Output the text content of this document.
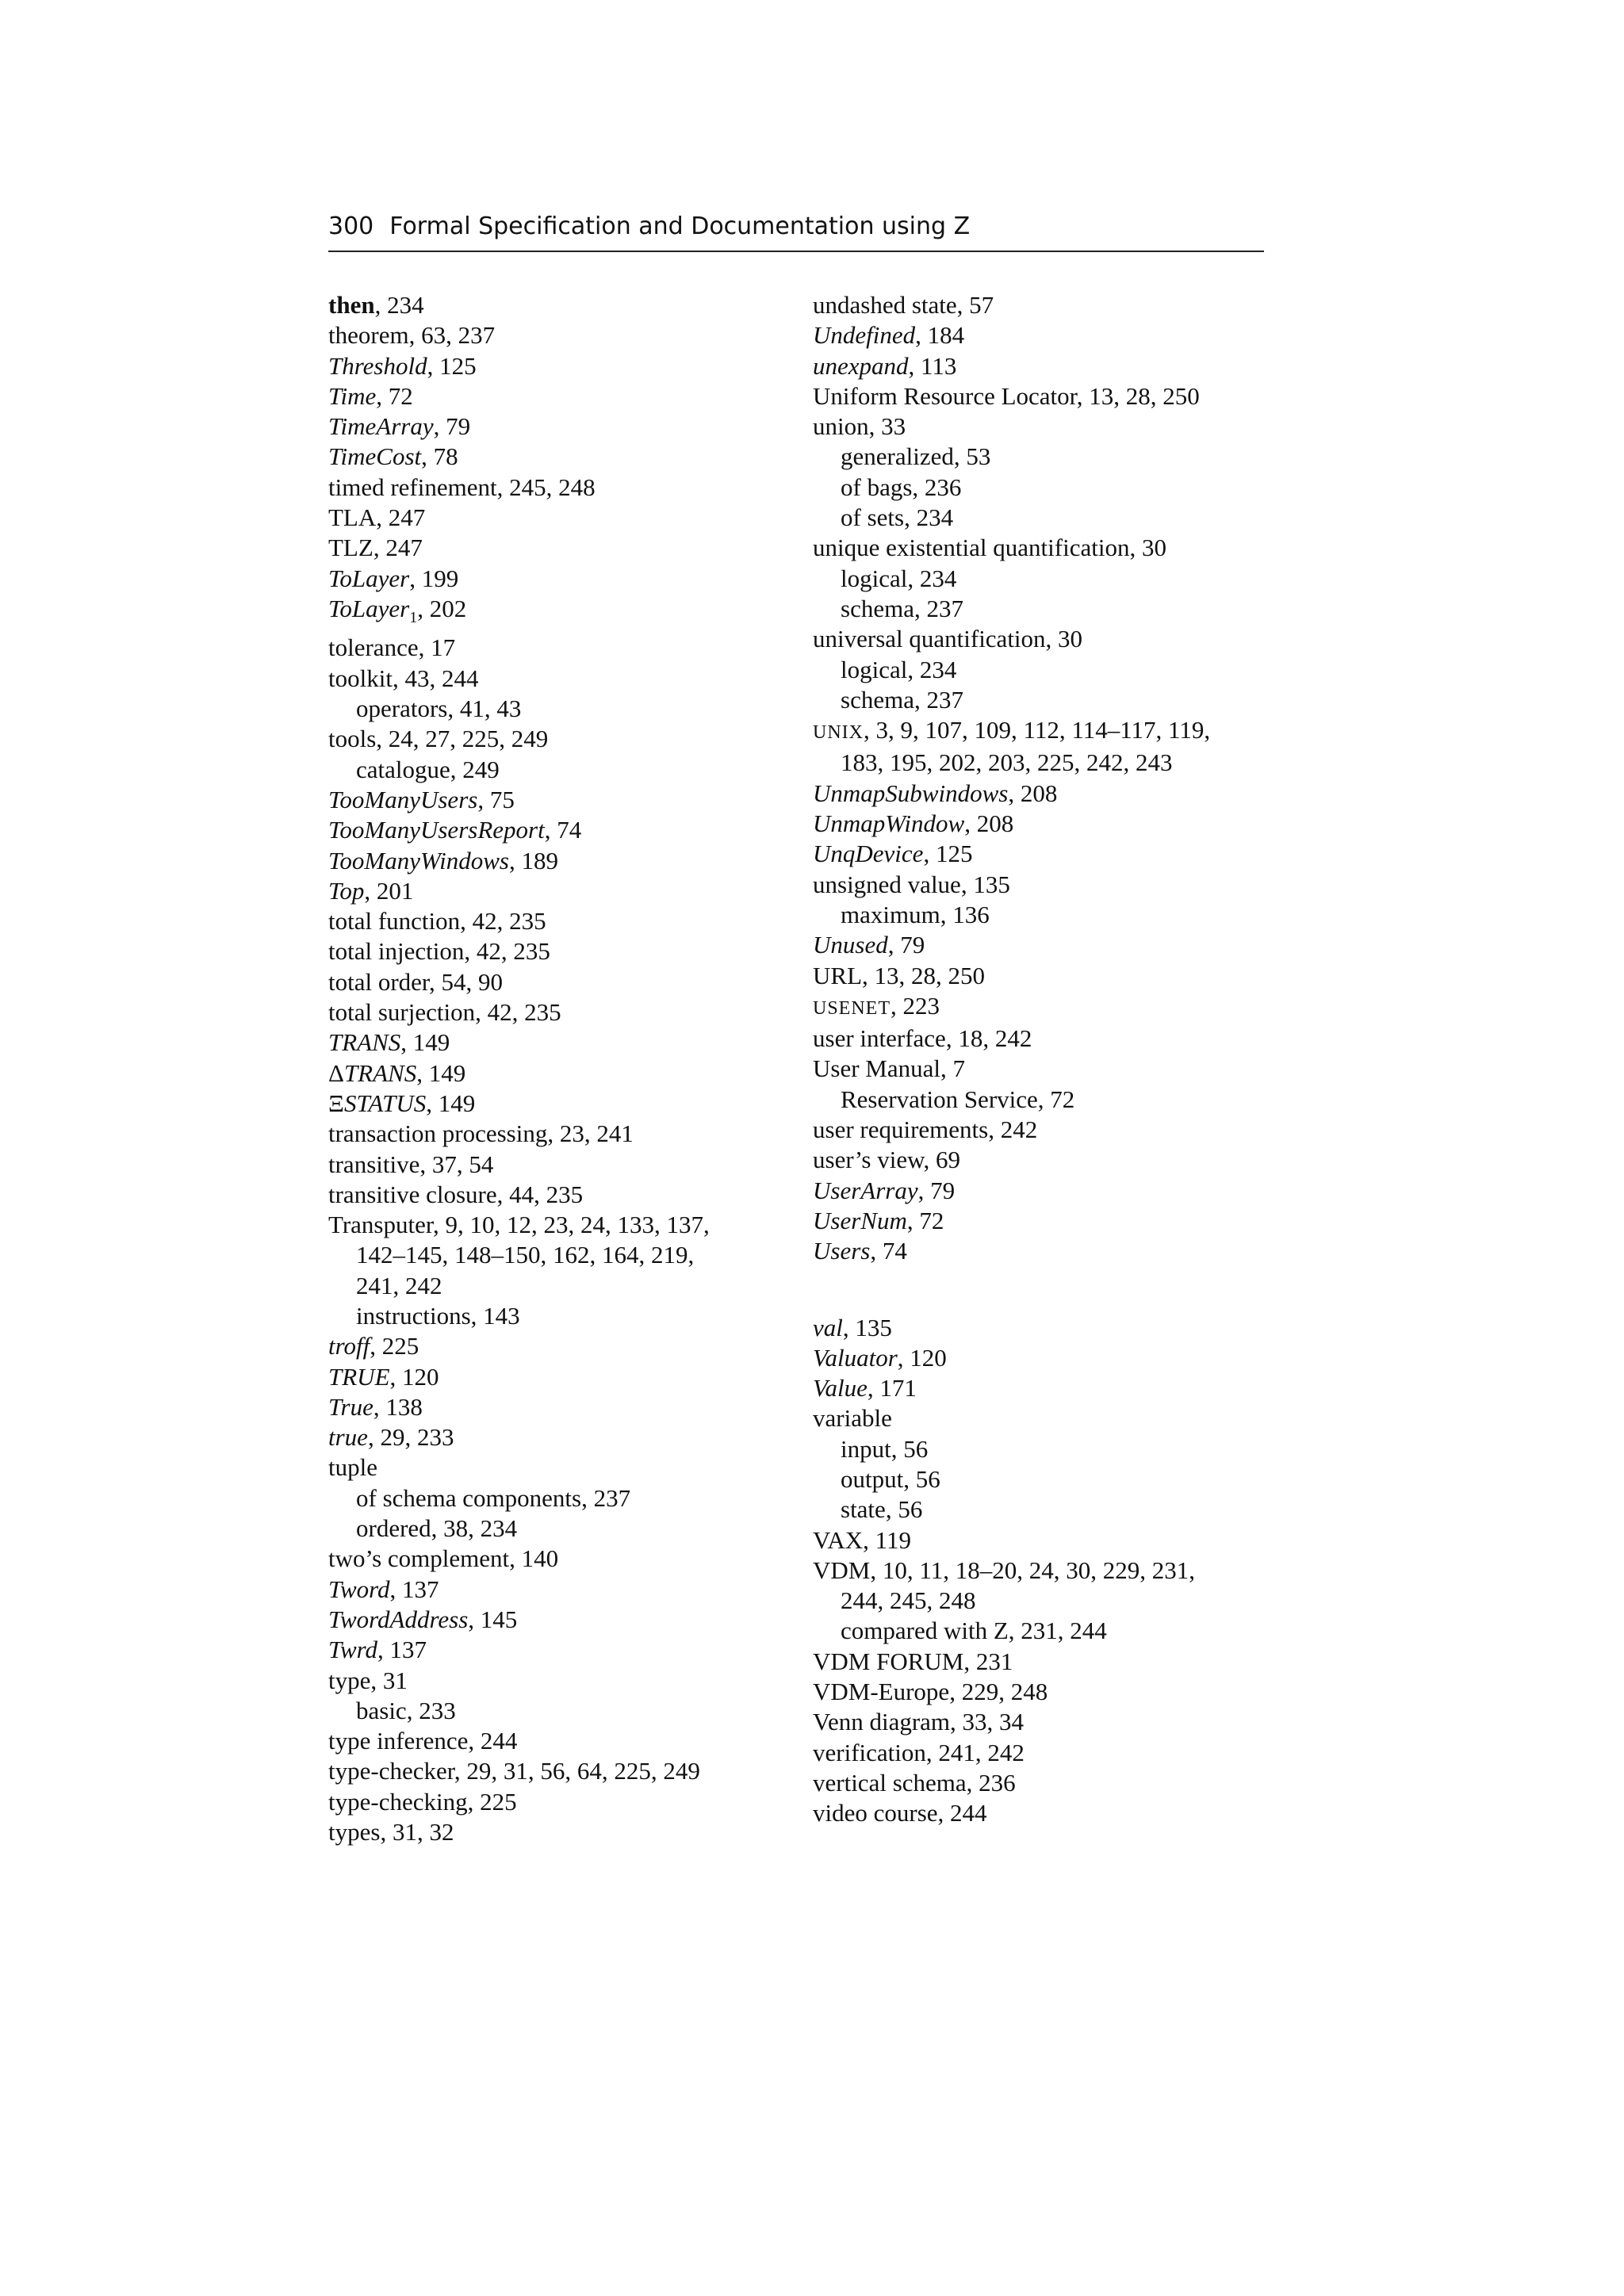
300 Formal Specification and Documentation using Z
then, 234
theorem, 63, 237
Threshold, 125
Time, 72
TimeArray, 79
TimeCost, 78
timed refinement, 245, 248
TLA, 247
TLZ, 247
ToLayer, 199
ToLayer$_1$, 202
tolerance, 17
toolkit, 43, 244
operators, 41, 43
tools, 24, 27, 225, 249
catalogue, 249
TooManyUsers, 75
TooManyUsersReport, 74
TooManyWindows, 189
Top, 201
total function, 42, 235
total injection, 42, 235
total order, 54, 90
total surjection, 42, 235
TRANS, 149
ΔTRANS, 149
ΞSTATUS, 149
transaction processing, 23, 241
transitive, 37, 54
transitive closure, 44, 235
Transputer, 9, 10, 12, 23, 24, 133, 137,
142–145, 148–150, 162, 164, 219,
241, 242
instructions, 143
troff, 225
TRUE, 120
True, 138
true, 29, 233
tuple
of schema components, 237
ordered, 38, 234
two’s complement, 140
Tword, 137
TwordAddress, 145
Twrd, 137
type, 31
basic, 233
type inference, 244
type-checker, 29, 31, 56, 64, 225, 249
type-checking, 225
types, 31, 32
undashed state, 57
Undefined, 184
unexpand, 113
Uniform Resource Locator, 13, 28, 250
union, 33
generalized, 53
of bags, 236
of sets, 234
unique existential quantification, 30
logical, 234
schema, 237
universal quantification, 30
logical, 234
schema, 237
UNIX, 3, 9, 107, 109, 112, 114–117, 119,
183, 195, 202, 203, 225, 242, 243
UnmapSubwindows, 208
UnmapWindow, 208
UnqDevice, 125
unsigned value, 135
maximum, 136
Unused, 79
URL, 13, 28, 250
USENET, 223
user interface, 18, 242
User Manual, 7
Reservation Service, 72
user requirements, 242
user’s view, 69
UserArray, 79
UserNum, 72
Users, 74
val, 135
Valuator, 120
Value, 171
variable
input, 56
output, 56
state, 56
VAX, 119
VDM, 10, 11, 18–20, 24, 30, 229, 231,
244, 245, 248
compared with Z, 231, 244
VDM FORUM, 231
VDM-Europe, 229, 248
Venn diagram, 33, 34
verification, 241, 242
vertical schema, 236
video course, 244
